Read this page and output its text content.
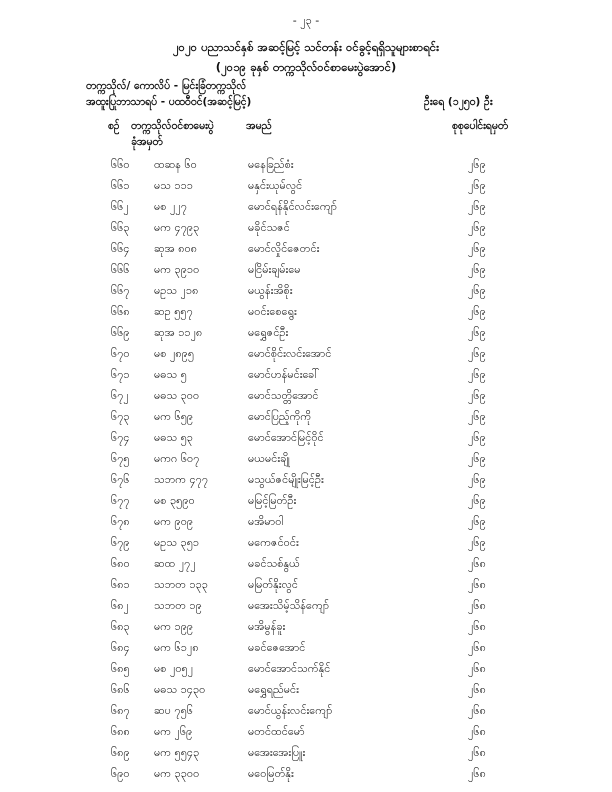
- ၂၃ -
၂၀၂၀ ပညာသင်နှစ် အဆင့်မြင့် သင်တန်း ဝင်ခွင့်ရရှိသူများစာရင်း
(၂၀၁၉ ခုနှစ် တက္ကသိုလ်ဝင်စာမေးပွဲအောင်)
တက္ကသိုလ်/ ကောလိပ် - မြင်းခြံတက္ကသိုလ်
အထူးပြုဘာသာရပ် - ပထဝီဝင်(အဆင့်မြင့်)	ဦးရေ (၁၂၅၀) ဦး
စဉ် တက္ကသိုလ်ဝင်စာမေးပွဲ
ခုံအမှတ်
အမည်	စုစုပေါင်းရမှတ်
၆၆၀ ထဆန ၆၀	မနေခြည်စံး	၂၆၉
၆၆၁ မသ ၁၁၁	မနှင်းယုမ်လွင်	၂၆၉
၆၆၂ မစ ၂၂၇	မောင်ရန်နိုင်လင်းကျော်	၂၆၉
၆၆၃ မက ၄၇၉၃	မခိုင်သဇင်	၂၆၉
၆၆၄ ဆုအ ၈၀၈	မောင်လှိုင်ဇေတင်း	၂၆၉
၆၆၆ မက ၃၉၁၀	မငြိမ်းချမ်းမေ	၂၆၉
၆၆၇ မဥသ ၂၁၈	မယွန်းအိစိုး	၂၆၉
၆၆၈ ဆဥ ၅၅၇	မဝင်းစေရွေး	၂၆၉
၆၆၉ ဆုအ ၁၁၂၈	မရွှေဇင်ဦး	၂၆၉
၆၇၀ မစ ၂၈၉၅	မောင်စိုင်းလင်းအောင်	၂၆၉
၆၇၁ မဓသ ၅	မောင်ဟန်မင်းခေါ်	၂၆၉
၆၇၂ မဓသ ၃၀၀	မောင်သတ္တိအောင်	၂၆၉
၆၇၃ မက ၆၅၉	မောင်ပြည့်ကိုကို	၂၆၉
၆၇၄ မဓသ ၅၃	မောင်အောင်မြင့်ဝိုင်	၂၆၉
၆၇၅ မကဂ ၆၀၇	မယမင်းချို	၂၆၉
၆၇၆ သဘက ၄၇၇	မသွယ်ဇင်မျိုးမြင့်ဦး	၂၆၉
၆၇၇ မစ ၃၅၉၀	မမြင့်မြတ်ဦး	၂၆၉
၆၇၈ မက ၉၀၉	မအိမာဝါ	၂၆၉
၆၇၉ မဥသ ၃၅၁	မကေဇင်ဝင်း	၂၆၉
၆၈၀ ဆထ ၂၇၂	မခင်သစ်နွယ်	၂၆၈
၆၈၁ သဘတ ၁၃၃	မမြတ်နိုးလွင်	၂၆၈
၆၈၂ သဘတ ၁၉	မအေးသိမ့်သိန်ကျော်	၂၆၈
၆၈၃ မက ၁၉၉	မအိမွန်ခူး	၂၆၈
၆၈၄ မက ၆၁၂၈	မခင်ဇေအောင်	၂၆၈
၆၈၅ မစ ၂၀၅၂	မောင်အောင်သက်နိုင်	၂၆၈
၆၈၆ မဓသ ၁၄၃၀	မရွှေရည်မင်း	၂၆၈
၆၈၇ ဆပ ၇၅၆	မောင်ယွန်းလင်းကျော်	၂၆၈
၆၈၈ မက ၂၆၉	မတင်ထင်မော်	၂၆၈
၆၈၉ မက ၅၅၄၃	မအေးအေးပြူး	၂၆၈
၆၉၀ မက ၃၃၀၀	မဝေမြတ်နိုး	၂၆၈
